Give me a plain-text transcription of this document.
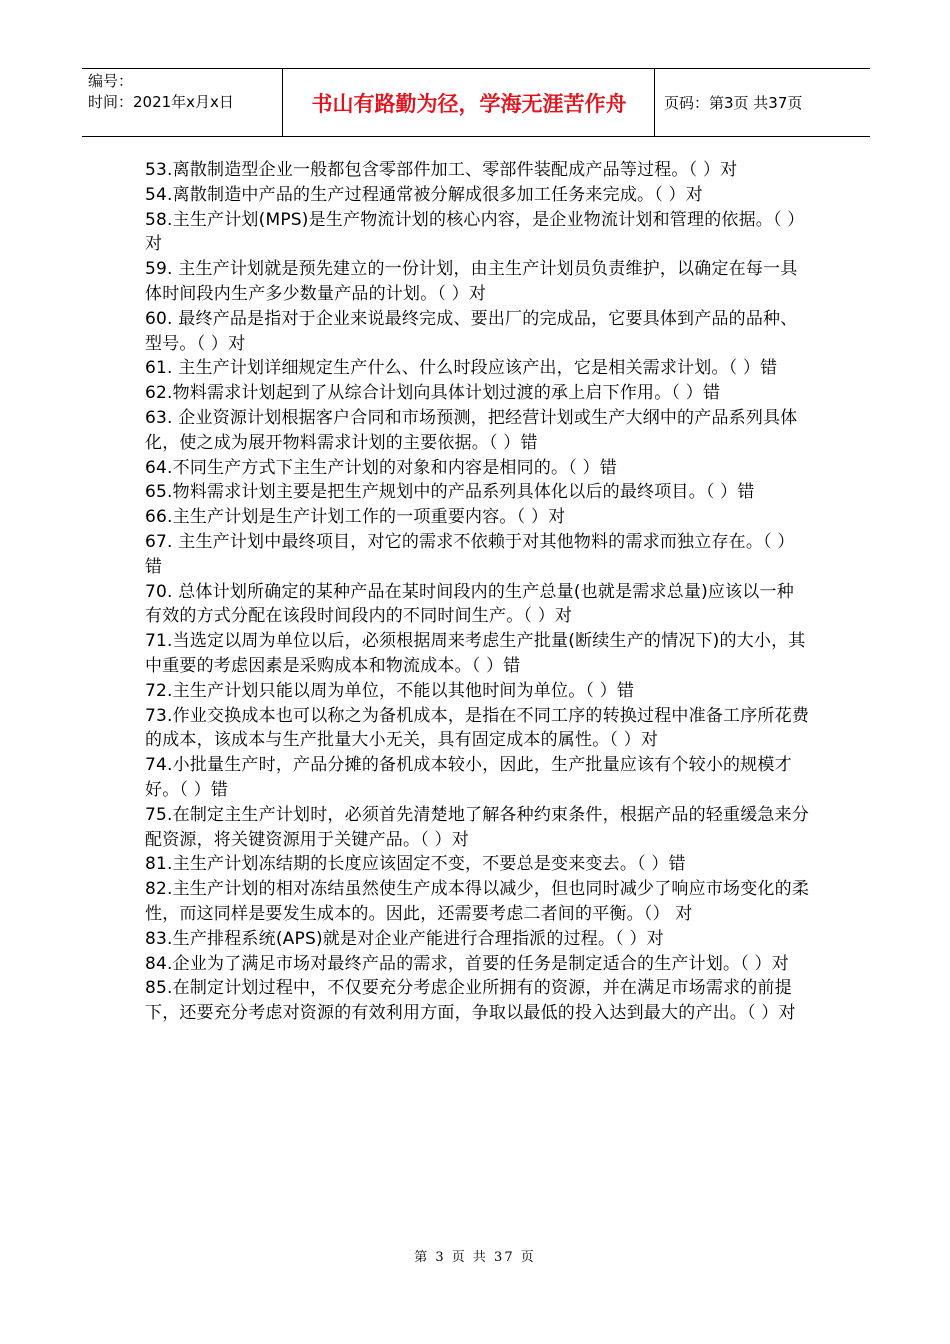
编号：
时间：2021年x月x日	书山有路勤为径，学海无涯苦作舟	页码：第3页 共37页

53.离散制造型企业一般都包含零部件加工、零部件装配成产品等过程。（ ）对

54.离散制造中产品的生产过程通常被分解成很多加工任务来完成。（ ）对

58.主生产计划(MPS)是生产物流计划的核心内容，是企业物流计划和管理的依据。（ ）对

59. 主生产计划就是预先建立的一份计划，由主生产计划员负责维护，以确定在每一具体时间段内生产多少数量产品的计划。（ ）对

60. 最终产品是指对于企业来说最终完成、要出厂的完成品，它要具体到产品的品种、型号。（ ）对

61. 主生产计划详细规定生产什么、什么时段应该产出，它是相关需求计划。（ ）错

62.物料需求计划起到了从综合计划向具体计划过渡的承上启下作用。（ ）错

63. 企业资源计划根据客户合同和市场预测，把经营计划或生产大纲中的产品系列具体化，使之成为展开物料需求计划的主要依据。（ ）错

64.不同生产方式下主生产计划的对象和内容是相同的。（ ）错

65.物料需求计划主要是把生产规划中的产品系列具体化以后的最终项目。（ ）错

66.主生产计划是生产计划工作的一项重要内容。（ ）对

67. 主生产计划中最终项目，对它的需求不依赖于对其他物料的需求而独立存在。（ ）错

70. 总体计划所确定的某种产品在某时间段内的生产总量(也就是需求总量)应该以一种有效的方式分配在该段时间段内的不同时间生产。（ ）对

71.当选定以周为单位以后，必须根据周来考虑生产批量(断续生产的情况下)的大小，其中重要的考虑因素是采购成本和物流成本。（ ）错

72.主生产计划只能以周为单位，不能以其他时间为单位。（ ）错

73.作业交换成本也可以称之为备机成本，是指在不同工序的转换过程中准备工序所花费的成本，该成本与生产批量大小无关，具有固定成本的属性。（ ）对

74.小批量生产时，产品分摊的备机成本较小，因此，生产批量应该有个较小的规模才好。（ ）错

75.在制定主生产计划时，必须首先清楚地了解各种约束条件，根据产品的轻重缓急来分配资源，将关键资源用于关键产品。（ ）对

81.主生产计划冻结期的长度应该固定不变，不要总是变来变去。（ ）错

82.主生产计划的相对冻结虽然使生产成本得以减少，但也同时减少了响应市场变化的柔性，而这同样是要发生成本的。因此，还需要考虑二者间的平衡。（） 对

83.生产排程系统(APS)就是对企业产能进行合理指派的过程。（ ）对

84.企业为了满足市场对最终产品的需求，首要的任务是制定适合的生产计划。（ ）对

85.在制定计划过程中，不仅要充分考虑企业所拥有的资源，并在满足市场需求的前提下，还要充分考虑对资源的有效利用方面，争取以最低的投入达到最大的产出。（ ）对

第 3 页 共 37 页
